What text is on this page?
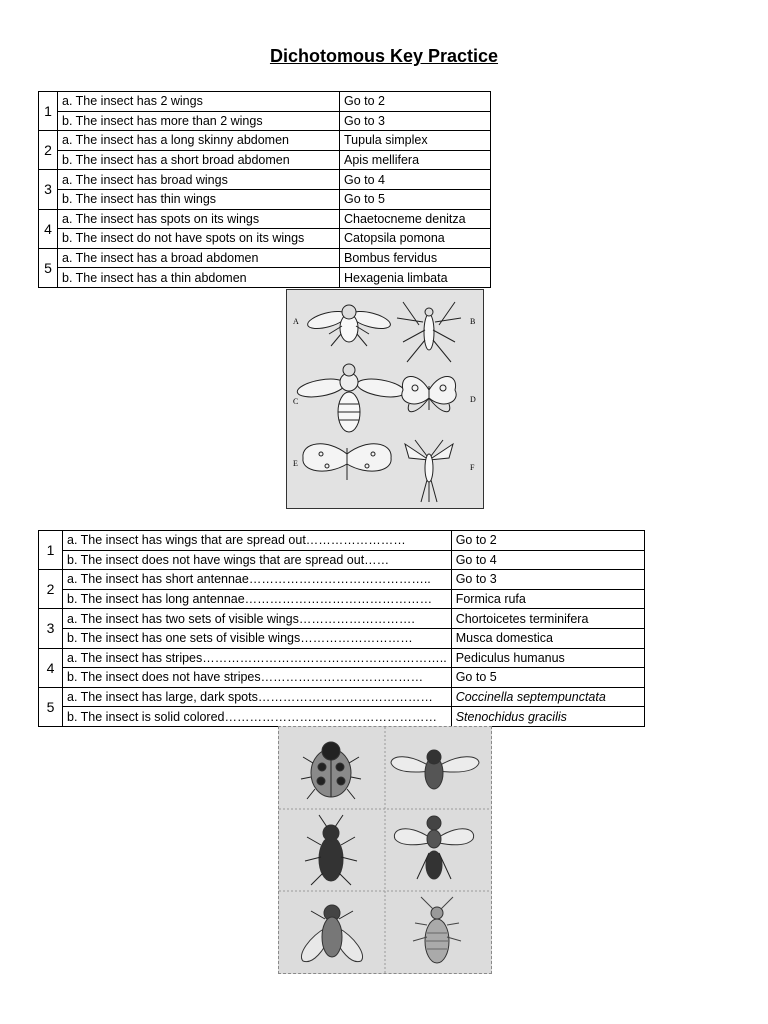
Dichotomous Key Practice
1	a. The insect has 2 wings	Go to 2
	b. The insect has more than 2 wings	Go to 3
2	a. The insect has a long skinny abdomen	Tupula simplex
	b. The insect has a short broad abdomen	Apis mellifera
3	a. The insect has broad wings	Go to 4
	b. The insect has thin wings	Go to 5
4	a. The insect has spots on its wings	Chaetocneme denitza
	b. The insect do not have spots on its wings	Catopsila pomona
5	a. The insect has a broad abdomen	Bombus fervidus
	b. The insect has a thin abdomen	Hexagenia limbata
A	B
C	D
E	F
1	a. The insect has wings that are spread out……………………	Go to 2
	b. The insect does not have wings that are spread out……	Go to 4
2	a. The insect has short antennae……………………………………..	Go to 3
	b. The insect has long antennae………………………………………	Formica rufa
3	a. The insect has two sets of visible wings……………………….	Chortoicetes terminifera
	b. The insect has one sets of visible wings………………………	Musca domestica
4	a. The insect has stripes…………………………………………………..	Pediculus humanus
	b. The insect does not have stripes…………………………………	Go to 5
5	a. The insect has large, dark spots……………………………………	Coccinella septempunctata
	b. The insect is solid colored……………………………………………	Stenochidus gracilis
